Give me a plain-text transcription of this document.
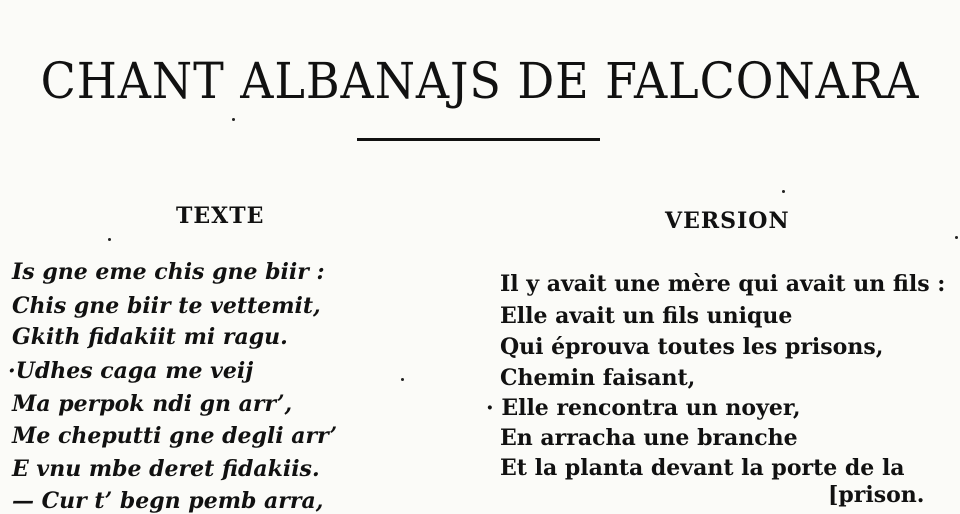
CHANT ALBANAJS DE FALCONARA
TEXTE	VERSION
Is gne eme chis gne biir :
Chis gne biir te vettemit,
Gkith fidakiit mi ragu.
·Udhes caga me veij
Ma perpok ndi gn arr’,
Me cheputti gne degli arr’
E vnu mbe deret fidakiis.
— Cur t’ begn pemb arra,
Il y avait une mère qui avait un fils :
Elle avait un fils unique
Qui éprouva toutes les prisons,
Chemin faisant,
· Elle rencontra un noyer,
En arracha une branche
Et la planta devant la porte de la
[prison.
